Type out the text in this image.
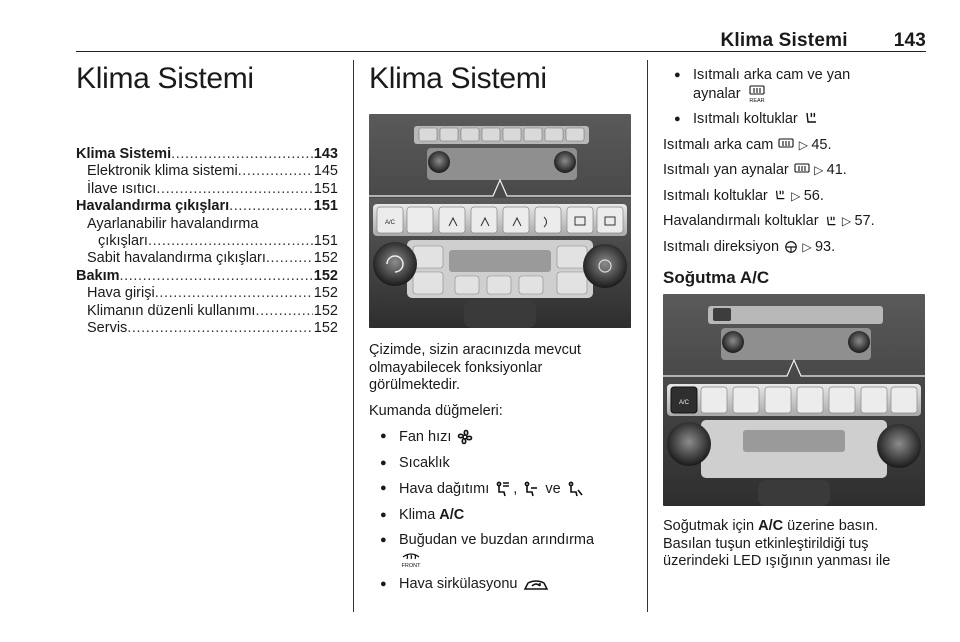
Klima Sistemi 143
Klima Sistemi
Klima Sistemi .....	143
Elektronik klima sistemi .....	145
İlave ısıtıcı .....	151
Havalandırma çıkışları .....	151
Ayarlanabilir havalandırma
çıkışları .....	151
Sabit havalandırma çıkışları .....	152
Bakım .....	152
Hava girişi .....	152
Klimanın düzenli kullanımı .....	152
Servis .....	152
Klima Sistemi
A/C

Çizimde, sizin aracınızda mevcut olmayabilecek fonksiyonlar görülmektedir.

Kumanda düğmeleri:

● Fan hızı
● Sıcaklık
● Hava dağıtımı , ve
● Klima A/C
● Buğudan ve buzdan arındırma

FRONT
● Hava sirkülasyonu
● Isıtmalı arka cam ve yan
aynalar REAR
● Isıtmalı koltuklar

Isıtmalı arka cam  ▷ 45.

Isıtmalı yan aynalar  ▷ 41.

Isıtmalı koltuklar  ▷ 56.

Havalandırmalı koltuklar  ▷ 57.

Isıtmalı direksiyon  ▷ 93.

Soğutma A/C
A/C

Soğutmak için A/C üzerine basın. Basılan tuşun etkinleştirildiği tuş üzerindeki LED ışığının yanması ile
